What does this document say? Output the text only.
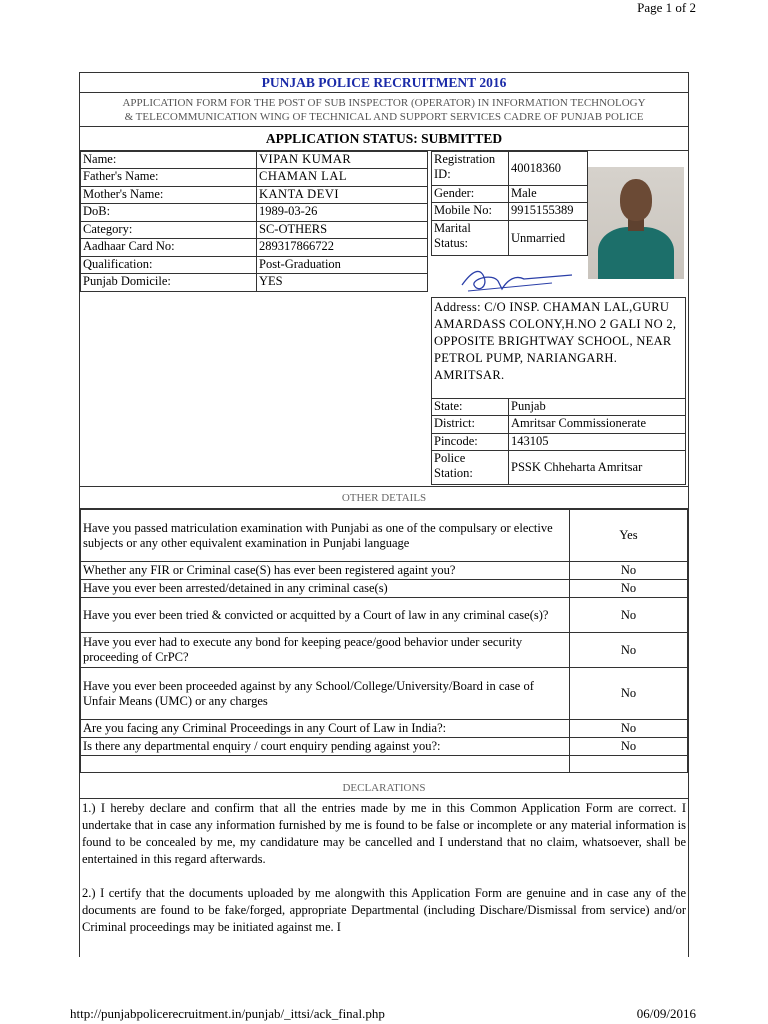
Page 1 of 2
PUNJAB POLICE RECRUITMENT 2016
APPLICATION FORM FOR THE POST OF SUB INSPECTOR (OPERATOR) IN INFORMATION TECHNOLOGY
& TELECOMMUNICATION WING OF TECHNICAL AND SUPPORT SERVICES CADRE OF PUNJAB POLICE
APPLICATION STATUS: SUBMITTED
Name:	VIPAN KUMAR
Father's Name:	CHAMAN LAL
Mother's Name:	KANTA DEVI
DoB:	1989-03-26
Category:	SC-OTHERS
Aadhaar Card No:	289317866722
Qualification:	Post-Graduation
Punjab Domicile:	YES
Registration ID:	40018360
Gender:	Male
Mobile No:	9915155389
Marital Status:	Unmarried
Address: C/O INSP. CHAMAN LAL,GURU AMARDASS COLONY,H.NO 2 GALI NO 2, OPPOSITE BRIGHTWAY SCHOOL, NEAR PETROL PUMP, NARIANGARH. AMRITSAR.
State:	Punjab
District:	Amritsar Commissionerate
Pincode:	143105
Police Station:	PSSK Chheharta Amritsar
OTHER DETAILS
Have you passed matriculation examination with Punjabi as one of the compulsary or elective subjects or any other equivalent examination in Punjabi language	Yes
Whether any FIR or Criminal case(S) has ever been registered againt you?	No
Have you ever been arrested/detained in any criminal case(s)	No
Have you ever been tried & convicted or acquitted by a Court of law in any criminal case(s)?	No
Have you ever had to execute any bond for keeping peace/good behavior under security proceeding of CrPC?	No
Have you ever been proceeded against by any School/College/University/Board in case of Unfair Means (UMC) or any charges	No
Are you facing any Criminal Proceedings in any Court of Law in India?:	No
Is there any departmental enquiry / court enquiry pending against you?:	No

DECLARATIONS

1.) I hereby declare and confirm that all the entries made by me in this Common Application Form are correct. I undertake that in case any information furnished by me is found to be false or incomplete or any material information is found to be concealed by me, my candidature may be cancelled and I understand that no claim, whatsoever, shall be entertained in this regard afterwards.

2.) I certify that the documents uploaded by me alongwith this Application Form are genuine and in case any of the documents are found to be fake/forged, appropriate Departmental (including Dischare/Dismissal from service) and/or Criminal proceedings may be initiated against me. I

http://punjabpolicerecruitment.in/punjab/_ittsi/ack_final.php	06/09/2016
